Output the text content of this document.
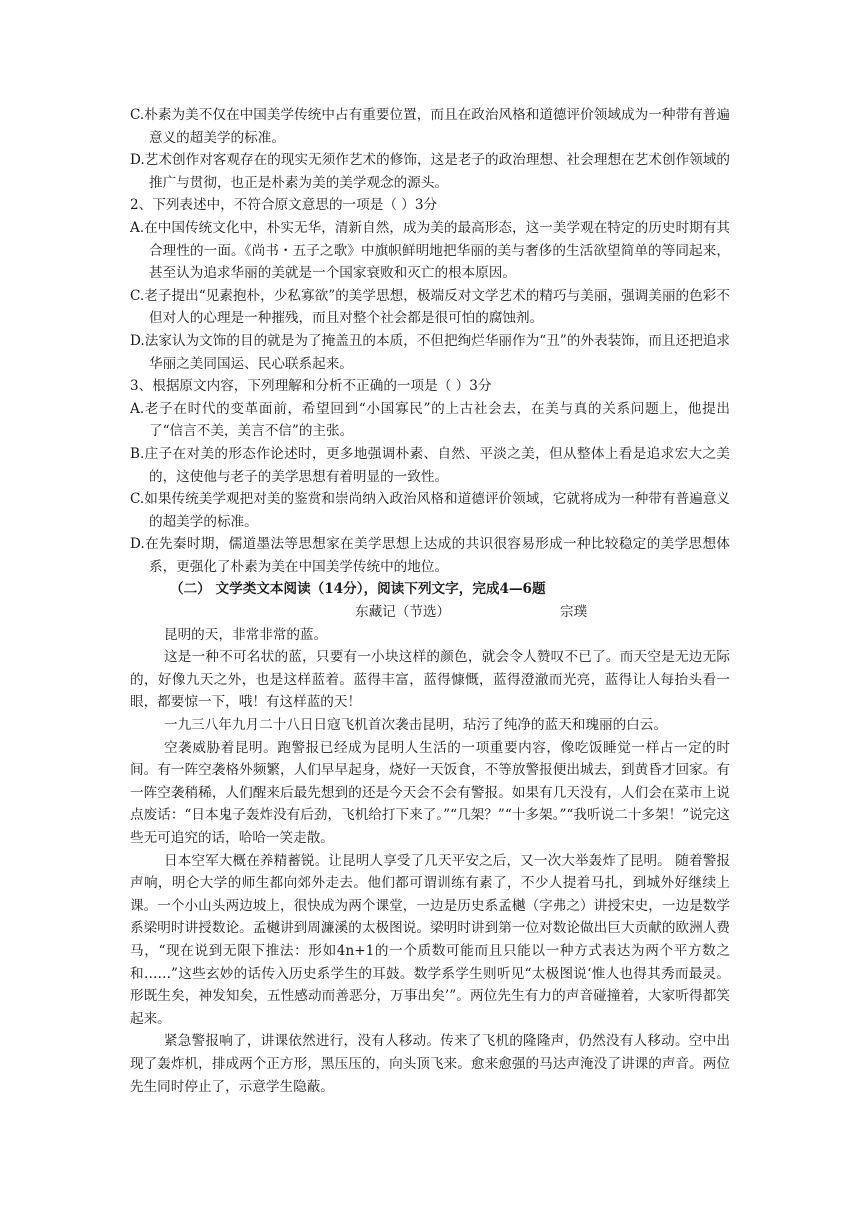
C.朴素为美不仅在中国美学传统中占有重要位置，而且在政治风格和道德评价领域成为一种带有普遍意义的超美学的标准。

D.艺术创作对客观存在的现实无须作艺术的修饰，这是老子的政治理想、社会理想在艺术创作领域的推广与贯彻，也正是朴素为美的美学观念的源头。

2、下列表述中，不符合原文意思的一项是（ ）3分

A.在中国传统文化中，朴实无华，清新自然，成为美的最高形态，这一美学观在特定的历史时期有其合理性的一面。《尚书・五子之歌》中旗帜鲜明地把华丽的美与奢侈的生活欲望简单的等同起来，甚至认为追求华丽的美就是一个国家衰败和灭亡的根本原因。

C.老子提出“见素抱朴，少私寡欲”的美学思想，极端反对文学艺术的精巧与美丽，强调美丽的色彩不但对人的心理是一种摧残，而且对整个社会都是很可怕的腐蚀剂。

D.法家认为文饰的目的就是为了掩盖丑的本质，不但把绚烂华丽作为“丑”的外表装饰，而且还把追求华丽之美同国运、民心联系起来。

3、根据原文内容，下列理解和分析不正确的一项是（ ）3分

A.老子在时代的变革面前，希望回到“小国寡民”的上古社会去，在美与真的关系问题上，他提出了“信言不美，美言不信”的主张。

B.庄子在对美的形态作论述时，更多地强调朴素、自然、平淡之美，但从整体上看是追求宏大之美的，这使他与老子的美学思想有着明显的一致性。

C.如果传统美学观把对美的鉴赏和崇尚纳入政治风格和道德评价领域，它就将成为一种带有普遍意义的超美学的标准。

D.在先秦时期，儒道墨法等思想家在美学思想上达成的共识很容易形成一种比较稳定的美学思想体系，更强化了朴素为美在中国美学传统中的地位。

（二） 文学类文本阅读（14分），阅读下列文字，完成4—6题

东藏记（节选）	宗璞

昆明的天，非常非常的蓝。

这是一种不可名状的蓝，只要有一小块这样的颜色，就会令人赞叹不已了。而天空是无边无际的，好像九天之外，也是这样蓝着。蓝得丰富，蓝得慷慨，蓝得澄澈而光亮，蓝得让人每抬头看一眼，都要惊一下，哦！有这样蓝的天！

一九三八年九月二十八日日寇飞机首次袭击昆明，玷污了纯净的蓝天和瑰丽的白云。

空袭威胁着昆明。跑警报已经成为昆明人生活的一项重要内容，像吃饭睡觉一样占一定的时间。有一阵空袭格外频繁，人们早早起身，烧好一天饭食，不等放警报便出城去，到黄昏才回家。有一阵空袭稍稀，人们醒来后最先想到的还是今天会不会有警报。如果有几天没有，人们会在菜市上说点废话：“日本鬼子轰炸没有后劲，飞机给打下来了。”“几架？”“十多架。”“我听说二十多架！”说完这些无可追究的话，哈哈一笑走散。

日本空军大概在养精蓄锐。让昆明人享受了几天平安之后，又一次大举轰炸了昆明。 随着警报声响，明仑大学的师生都向郊外走去。他们都可谓训练有素了，不少人提着马扎，到城外好继续上课。一个小山头两边坡上，很快成为两个课堂，一边是历史系孟樾（字弗之）讲授宋史，一边是数学系梁明时讲授数论。孟樾讲到周濂溪的太极图说。梁明时讲到第一位对数论做出巨大贡献的欧洲人费马，“现在说到无限下推法：形如4n+1的一个质数可能而且只能以一种方式表达为两个平方数之和……”这些玄妙的话传入历史系学生的耳鼓。数学系学生则听见“太极图说‘惟人也得其秀而最灵。形既生矣，神发知矣，五性感动而善恶分，万事出矣’”。两位先生有力的声音碰撞着，大家听得都笑起来。

紧急警报响了，讲课依然进行，没有人移动。传来了飞机的隆隆声，仍然没有人移动。空中出现了轰炸机，排成两个正方形，黑压压的，向头顶飞来。愈来愈强的马达声淹没了讲课的声音。两位先生同时停止了，示意学生隐蔽。
